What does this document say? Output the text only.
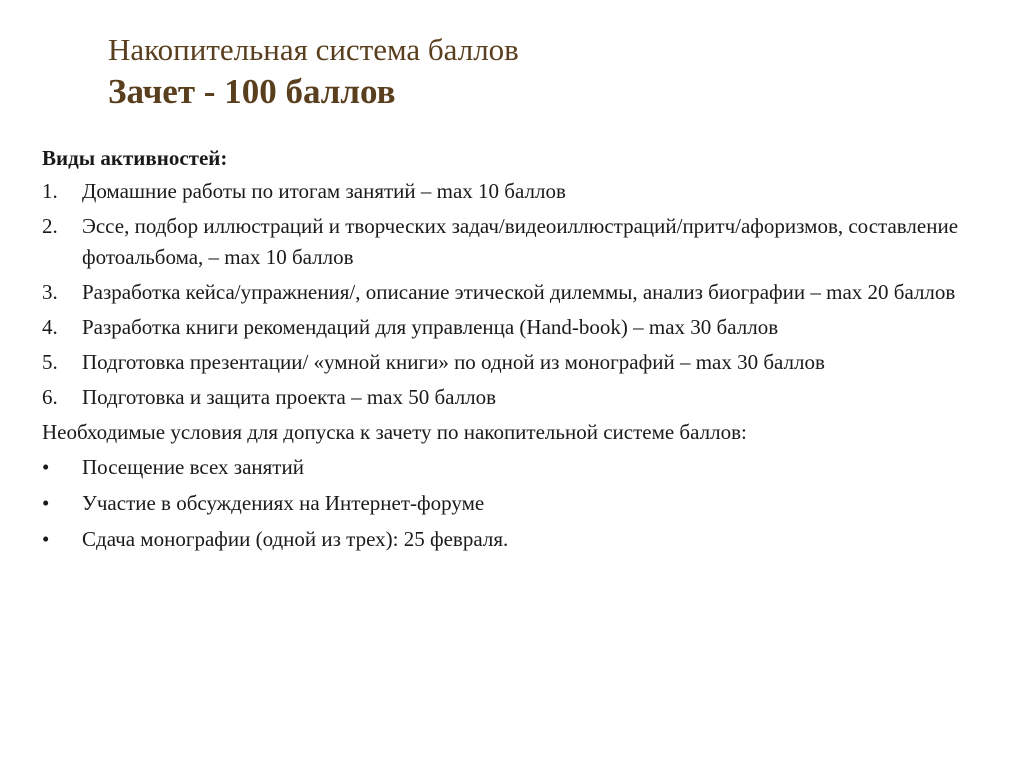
Накопительная система баллов

Зачет - 100 баллов

Виды активностей:

1.	Домашние работы по итогам занятий – max 10 баллов
2.	Эссе, подбор иллюстраций и творческих задач/видеоиллюстраций/притч/афоризмов, составление фотоальбома, – max 10 баллов
3.	Разработка кейса/упражнения/, описание этической дилеммы, анализ биографии – max 20 баллов
4.	Разработка книги рекомендаций для управленца (Hand-book) – max 30 баллов
5.	Подготовка презентации/ «умной книги» по одной из монографий – max 30 баллов
6.	Подготовка и защита проекта – max 50 баллов

Необходимые условия для допуска к зачету по накопительной системе баллов:

•	Посещение всех занятий
•	Участие в обсуждениях на Интернет-форуме
•	Сдача монографии (одной из трех): 25 февраля.
